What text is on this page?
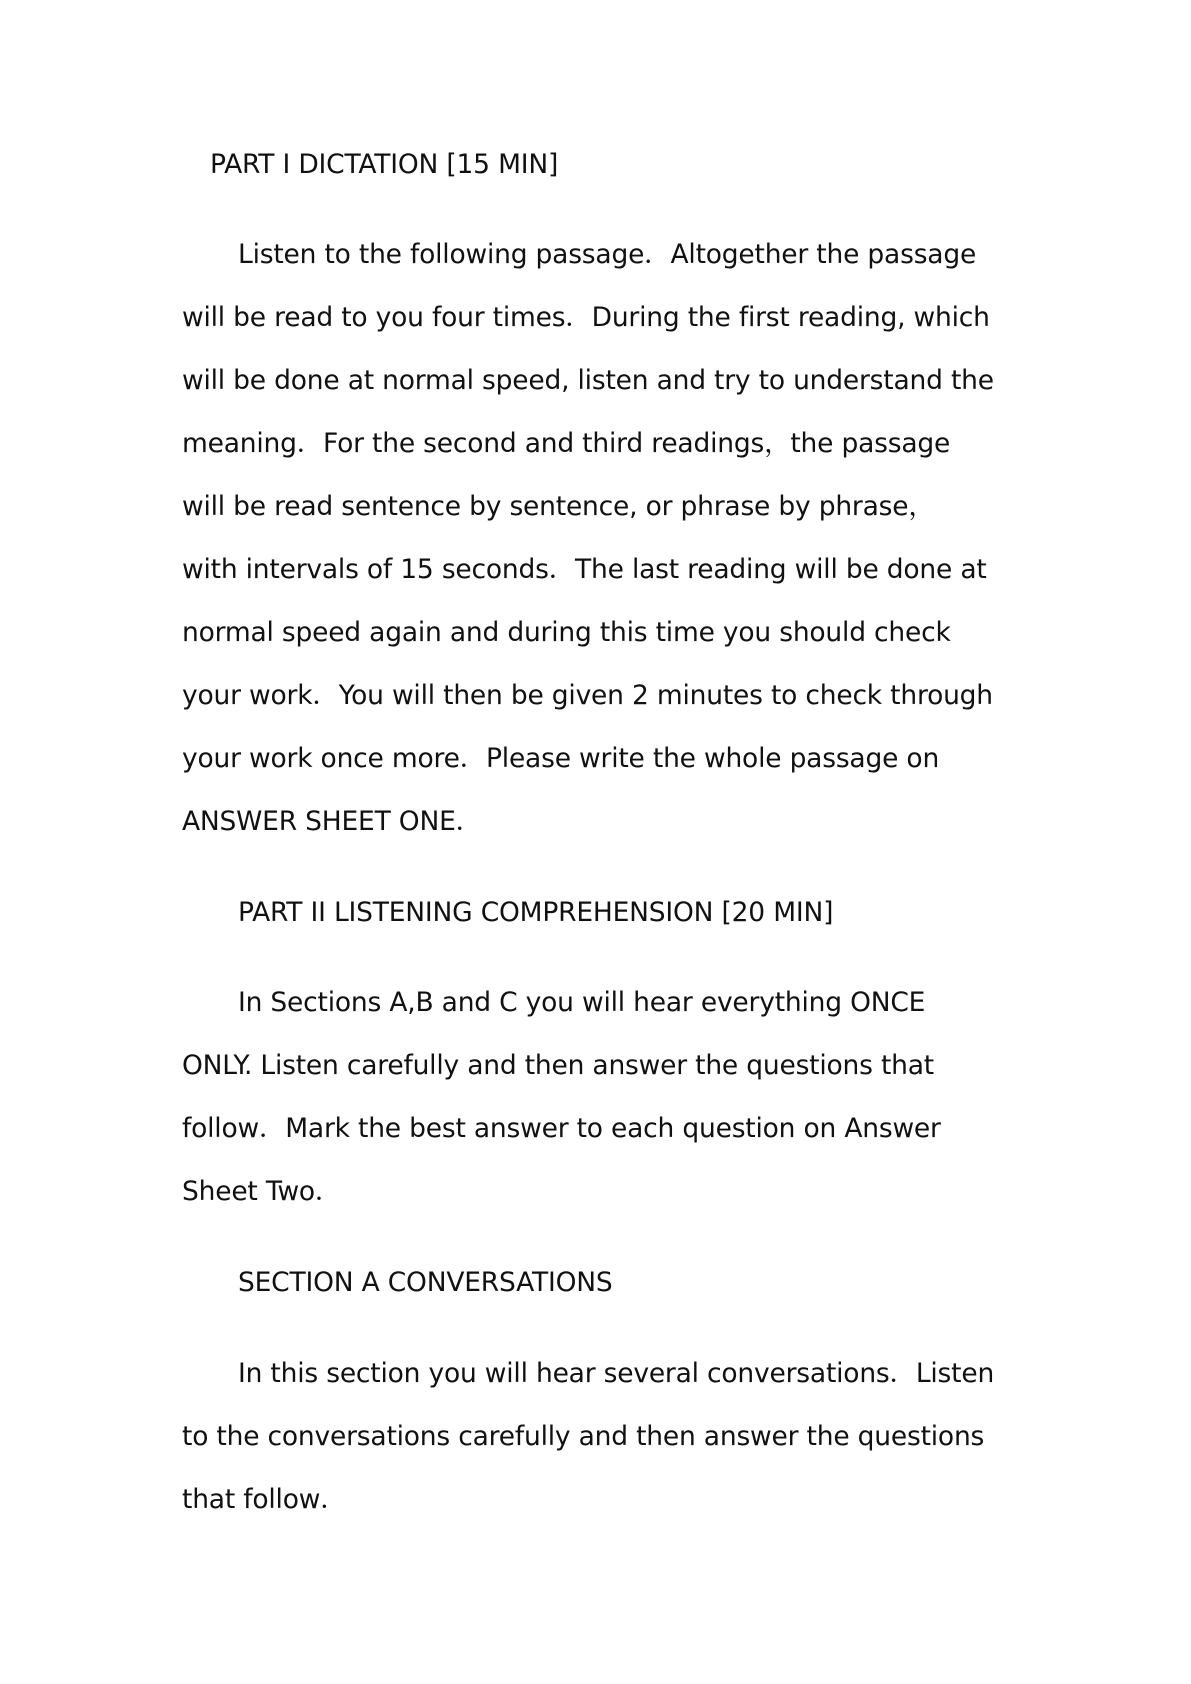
PART I DICTATION [15 MIN]

Listen to the following passage．Altogether the passage

will be read to you four times．During the first reading, which

will be done at normal speed, listen and try to understand the

meaning．For the second and third readings，the passage

will be read sentence by sentence, or phrase by phrase，

with intervals of 15 seconds．The last reading will be done at

normal speed again and during this time you should check

your work．You will then be given 2 minutes to check through

your work once more．Please write the whole passage on

ANSWER SHEET ONE．

PART II LISTENING COMPREHENSION [20 MIN]

In Sections A,B and C you will hear everything ONCE

ONLY. Listen carefully and then answer the questions that

follow．Mark the best answer to each question on Answer

Sheet Two．

SECTION A CONVERSATIONS

In this section you will hear several conversations．Listen

to the conversations carefully and then answer the questions

that follow．
